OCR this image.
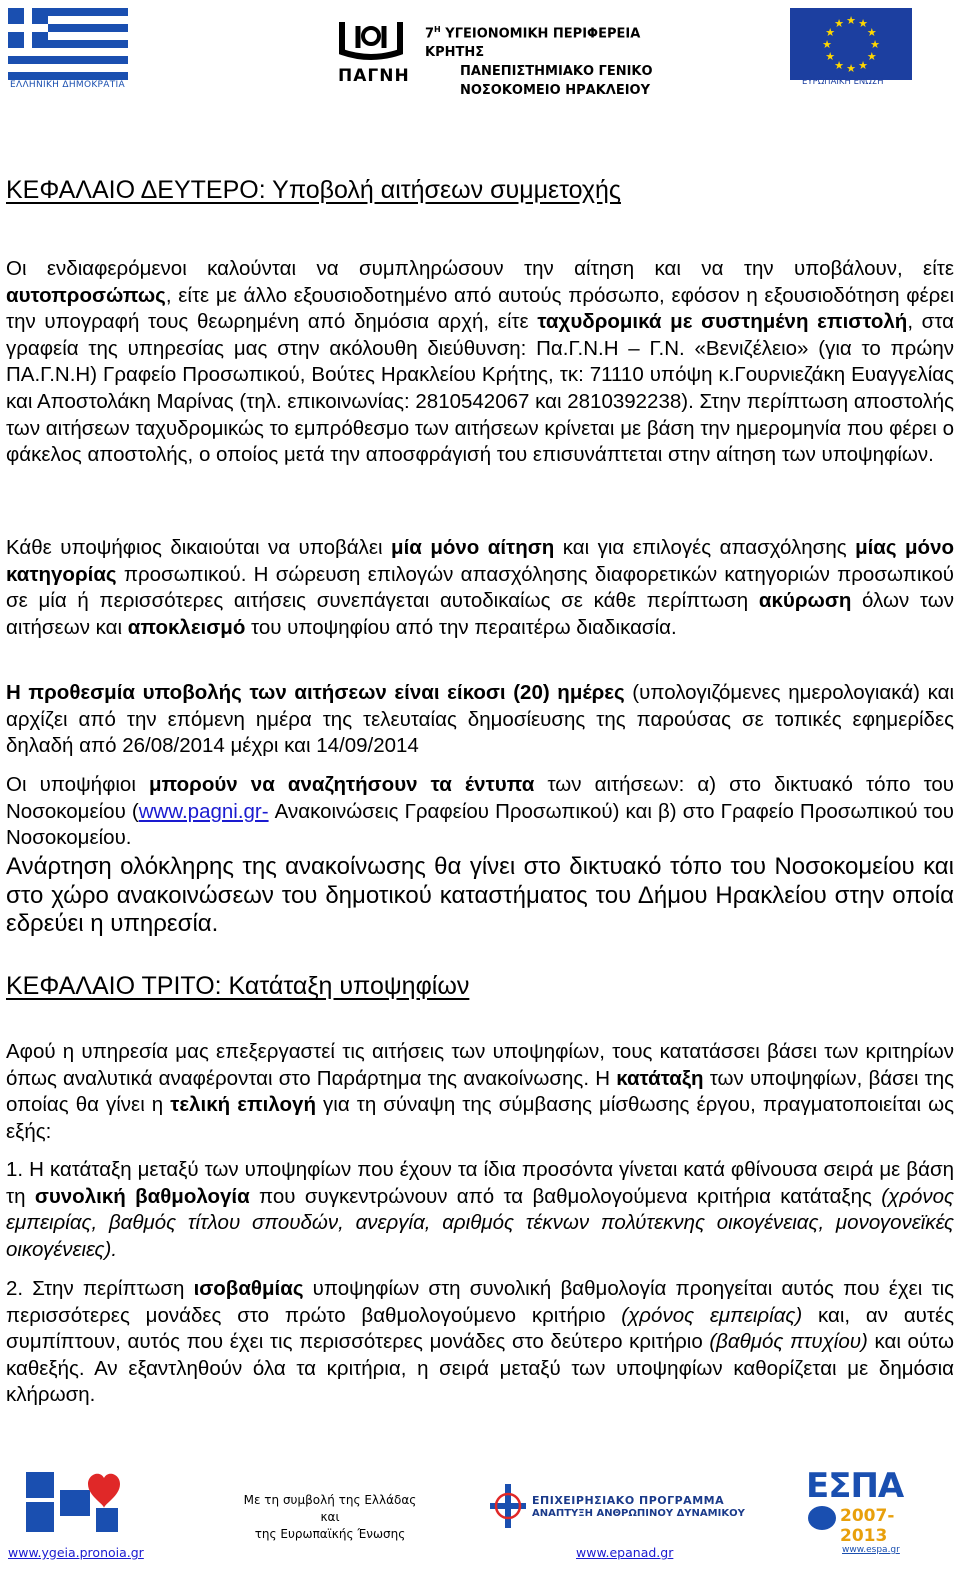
ΕΛΛΗΝΙΚΗ ΔΗΜΟΚΡΑΤΙΑ	ΠΑΓΝΗ
$7^H$ ΥΓΕΙΟΝΟΜΙΚΗ ΠΕΡΙΦΕΡΕΙΑ ΚΡΗΤΗΣ
ΠΑΝΕΠΙΣΤΗΜΙΑΚΟ ΓΕΝΙΚΟ
ΝΟΣΟΚΟΜΕΙΟ ΗΡΑΚΛΕΙΟΥ
★ ★
★
★
★
★
★
★
★
★
★
★
ΕΥΡΩΠΑΪΚΗ ΕΝΩΣΗ
ΚΕΦΑΛΑΙΟ ΔΕΥΤΕΡΟ: Υποβολή αιτήσεων συμμετοχής
Οι ενδιαφερόμενοι καλούνται να συμπληρώσουν την αίτηση και να την υποβάλουν, είτε αυτοπροσώπως, είτε με άλλο εξουσιοδοτημένο από αυτούς πρόσωπο, εφόσον η εξουσιοδότηση φέρει την υπογραφή τους θεωρημένη από δημόσια αρχή, είτε ταχυδρομικά με συστημένη επιστολή, στα γραφεία της υπηρεσίας μας στην ακόλουθη διεύθυνση: Πα.Γ.Ν.Η – Γ.Ν. «Βενιζέλειο» (για το πρώην ΠΑ.Γ.Ν.Η) Γραφείο Προσωπικού, Βούτες Ηρακλείου Κρήτης, τκ: 71110 υπόψη κ.Γουρνιεζάκη Ευαγγελίας και Αποστολάκη Μαρίνας (τηλ. επικοινωνίας: 2810542067 και 2810392238). Στην περίπτωση αποστολής των αιτήσεων ταχυδρομικώς το εμπρόθεσμο των αιτήσεων κρίνεται με βάση την ημερομηνία που φέρει ο φάκελος αποστολής, ο οποίος μετά την αποσφράγισή του επισυνάπτεται στην αίτηση των υποψηφίων.
Κάθε υποψήφιος δικαιούται να υποβάλει μία μόνο αίτηση και για επιλογές απασχόλησης μίας μόνο κατηγορίας προσωπικού. Η σώρευση επιλογών απασχόλησης διαφορετικών κατηγοριών προσωπικού σε μία ή περισσότερες αιτήσεις συνεπάγεται αυτοδικαίως σε κάθε περίπτωση ακύρωση όλων των αιτήσεων και αποκλεισμό του υποψηφίου από την περαιτέρω διαδικασία.
Η προθεσμία υποβολής των αιτήσεων είναι είκοσι (20) ημέρες (υπολογιζόμενες ημερολογιακά) και αρχίζει από την επόμενη ημέρα της τελευταίας δημοσίευσης της παρούσας σε τοπικές εφημερίδες δηλαδή από 26/08/2014 μέχρι και 14/09/2014
Οι υποψήφιοι μπορούν να αναζητήσουν τα έντυπα των αιτήσεων: α) στο δικτυακό τόπο του Νοσοκομείου (www.pagni.gr- Ανακοινώσεις Γραφείου Προσωπικού) και β) στο Γραφείο Προσωπικού του Νοσοκομείου.
Ανάρτηση ολόκληρης της ανακοίνωσης θα γίνει στο δικτυακό τόπο του Νοσοκομείου και στο χώρο ανακοινώσεων του δημοτικού καταστήματος του Δήμου Ηρακλείου στην οποία εδρεύει η υπηρεσία.
ΚΕΦΑΛΑΙΟ ΤΡΙΤΟ: Κατάταξη υποψηφίων
Αφού η υπηρεσία μας επεξεργαστεί τις αιτήσεις των υποψηφίων, τους κατατάσσει βάσει των κριτηρίων όπως αναλυτικά αναφέρονται στο Παράρτημα της ανακοίνωσης. Η κατάταξη των υποψηφίων, βάσει της οποίας θα γίνει η τελική επιλογή για τη σύναψη της σύμβασης μίσθωσης έργου, πραγματοποιείται ως εξής:
1. Η κατάταξη μεταξύ των υποψηφίων που έχουν τα ίδια προσόντα γίνεται κατά φθίνουσα σειρά με βάση τη συνολική βαθμολογία που συγκεντρώνουν από τα βαθμολογούμενα κριτήρια κατάταξης (χρόνος εμπειρίας, βαθμός τίτλου σπουδών, ανεργία, αριθμός τέκνων πολύτεκνης οικογένειας, μονογονεϊκές οικογένειες).
2. Στην περίπτωση ισοβαθμίας υποψηφίων στη συνολική βαθμολογία προηγείται αυτός που έχει τις περισσότερες μονάδες στο πρώτο βαθμολογούμενο κριτήριο (χρόνος εμπειρίας) και, αν αυτές συμπίπτουν, αυτός που έχει τις περισσότερες μονάδες στο δεύτερο κριτήριο (βαθμός πτυχίου) και ούτω καθεξής. Αν εξαντληθούν όλα τα κριτήρια, η σειρά μεταξύ των υποψηφίων καθορίζεται με δημόσια κλήρωση.
www.ygeia.pronoia.gr
Με τη συμβολή της Ελλάδας
και
της Ευρωπαϊκής Ένωσης
ΕΠΙΧΕΙΡΗΣΙΑΚΟ ΠΡΟΓΡΑΜΜΑ
ΑΝΑΠΤΥΞΗ ΑΝΘΡΩΠΙΝΟΥ ΔΥΝΑΜΙΚΟΥ
www.epanad.gr
ΕΣΠΑ
2007-2013
www.espa.gr
